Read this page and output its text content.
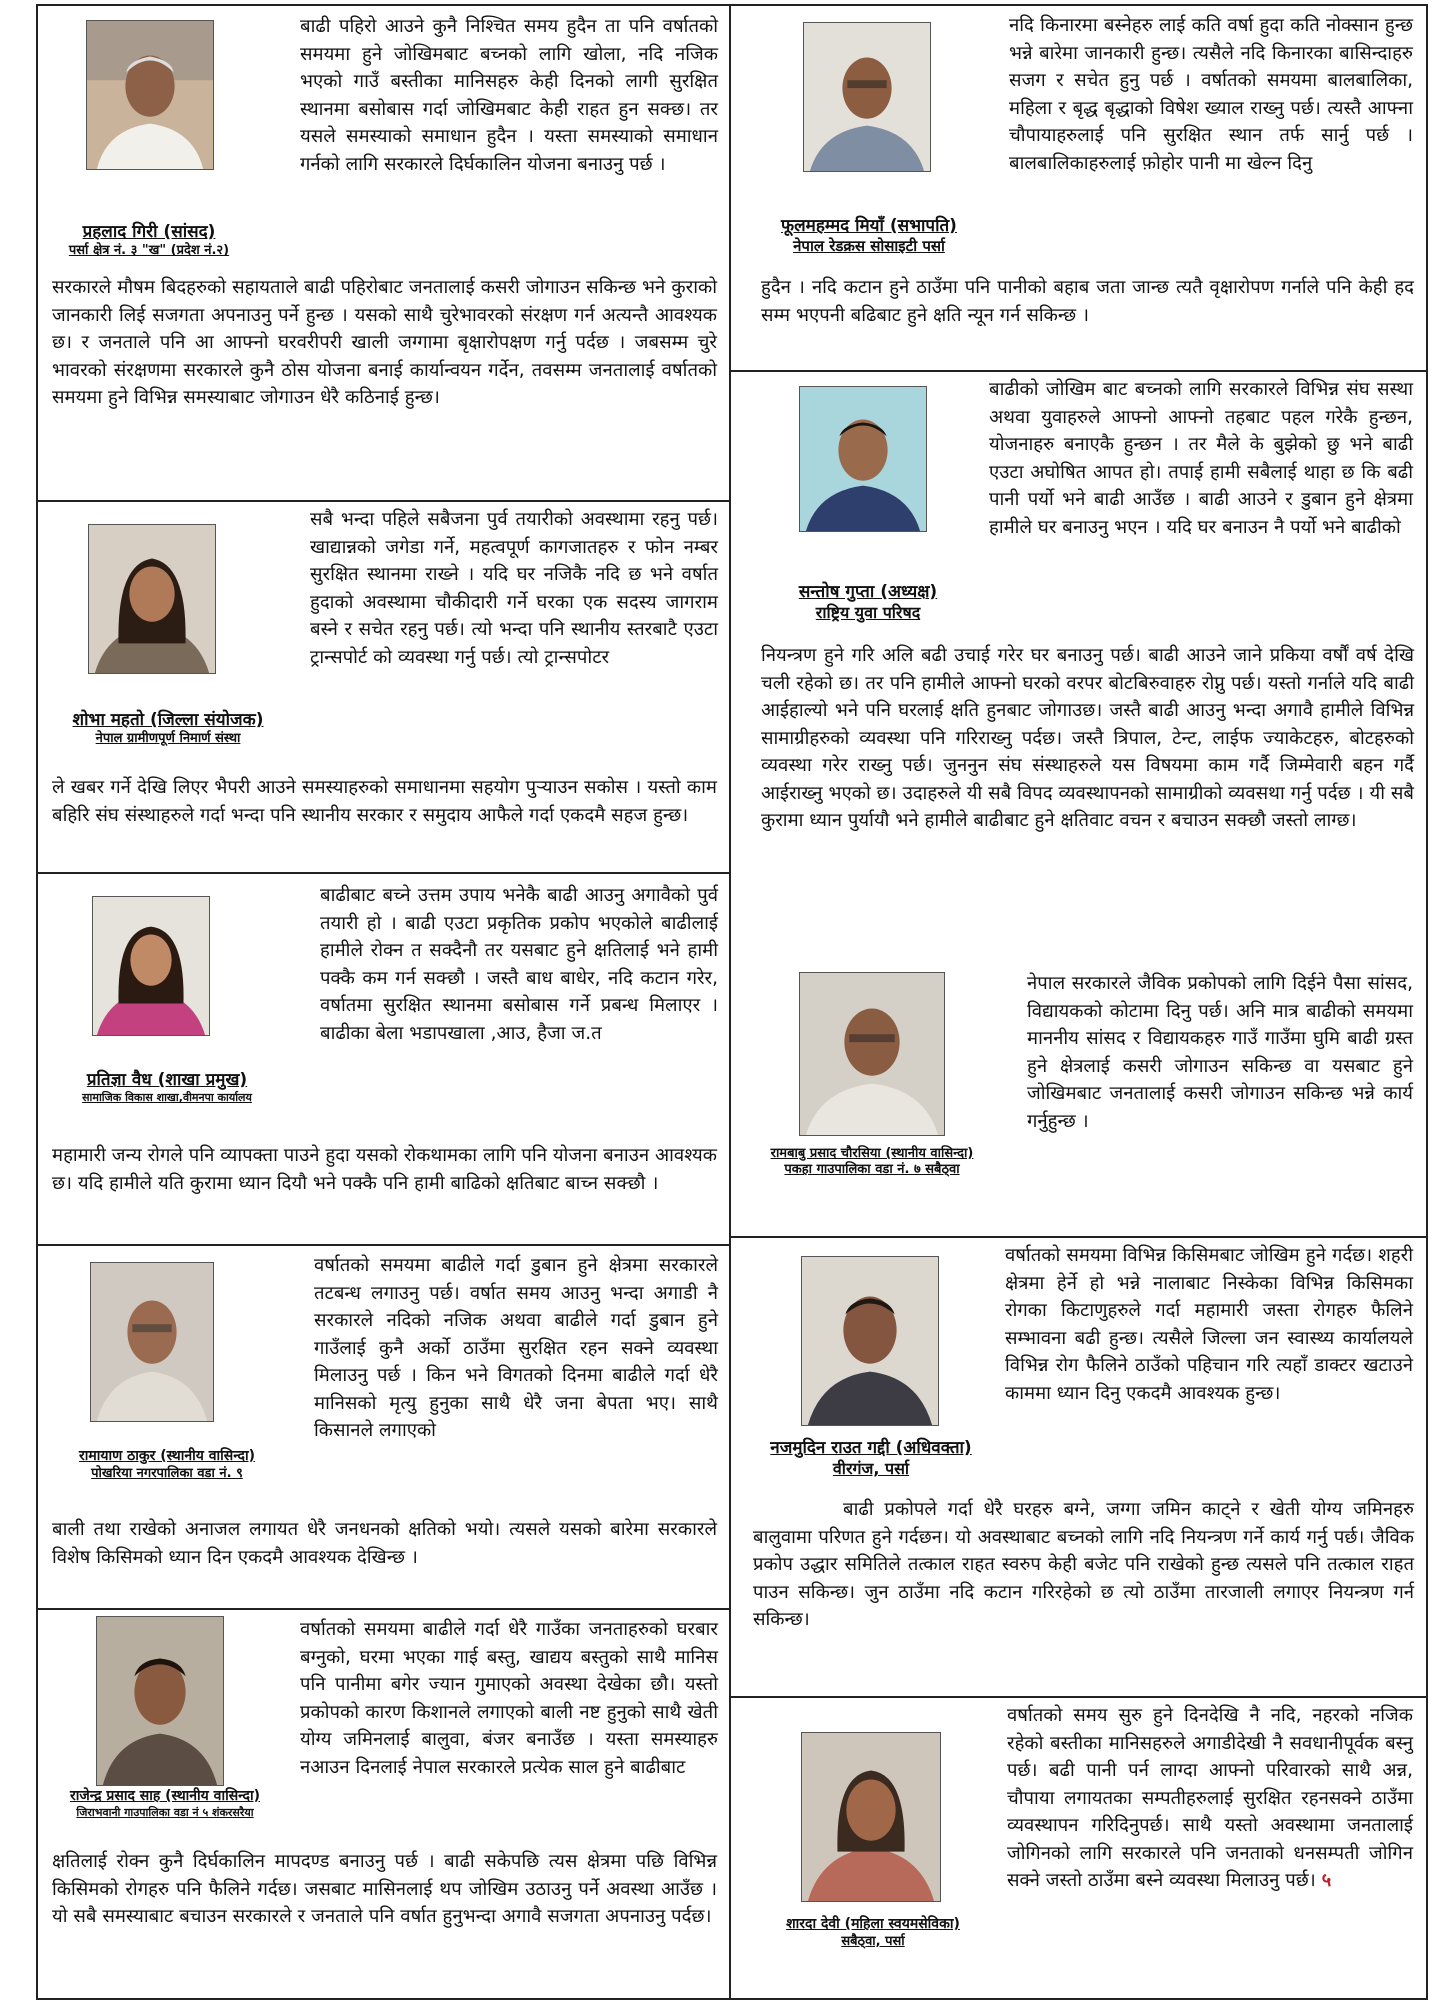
प्रहलाद गिरी (सांसद)
पर्सा क्षेत्र नं. ३ "ख" (प्रदेश नं.२)
बाढी पहिरो आउने कुनै निश्चित समय हुदैन ता पनि वर्षातको समयमा हुने जोखिमबाट बच्नको लागि खोला, नदि नजिक भएको गाउँ बस्तीका मानिसहरु केही दिनको लागी सुरक्षित स्थानमा बसोबास गर्दा जोखिमबाट केही राहत हुन सक्छ। तर यसले समस्याको समाधान हुदैन । यस्ता समस्याको समाधान गर्नको लागि सरकारले दिर्घकालिन योजना बनाउनु पर्छ ।
सरकारले मौषम बिदहरुको सहायताले बाढी पहिरोबाट जनतालाई कसरी जोगाउन सकिन्छ भने कुराको जानकारी लिई सजगता अपनाउनु पर्ने हुन्छ । यसको साथै चुरेभावरको संरक्षण गर्न अत्यन्तै आवश्यक छ। र जनताले पनि आ आफ्नो घरवरीपरी खाली जग्गामा बृक्षारोपक्षण गर्नु पर्दछ । जबसम्म चुरे भावरको संरक्षणमा सरकारले कुनै ठोस योजना बनाई कार्यान्वयन गर्देन, तवसम्म जनतालाई वर्षातको समयमा हुने विभिन्न समस्याबाट जोगाउन धेरै कठिनाई हुन्छ।
शोभा महतो (जिल्ला संयोजक)
नेपाल ग्रामीणपूर्ण निमार्ण संस्था
सबै भन्दा पहिले सबैजना पुर्व तयारीको अवस्थामा रहनु पर्छ। खाद्यान्नको जगेडा गर्ने, महत्वपूर्ण कागजातहरु र फोन नम्बर सुरक्षित स्थानमा राख्ने । यदि घर नजिकै नदि छ भने वर्षात हुदाको अवस्थामा चौकीदारी गर्ने घरका एक सदस्य जागराम बस्ने र सचेत रहनु पर्छ। त्यो भन्दा पनि स्थानीय स्तरबाटै एउटा ट्रान्सपोर्ट को व्यवस्था गर्नु पर्छ। त्यो ट्रान्सपोटर
ले खबर गर्ने देखि लिएर भैपरी आउने समस्याहरुको समाधानमा सहयोग पुऱ्याउन सकोस । यस्तो काम बहिरि संघ संस्थाहरुले गर्दा भन्दा पनि स्थानीय सरकार र समुदाय आफैले गर्दा एकदमै सहज हुन्छ।
प्रतिज्ञा वैध (शाखा प्रमुख)
सामाजिक विकास शाखा,वीमनपा कार्यालय
बाढीबाट बच्ने उत्तम उपाय भनेकै बाढी आउनु अगावैको पुर्व तयारी हो । बाढी एउटा प्रकृतिक प्रकोप भएकोले बाढीलाई हामीले रोक्न त सक्दैनौ तर यसबाट हुने क्षतिलाई भने हामी पक्कै कम गर्न सक्छौ । जस्तै बाध बाधेर, नदि कटान गरेर, वर्षातमा सुरक्षित स्थानमा बसोबास गर्ने प्रबन्ध मिलाएर । बाढीका बेला भडापखाला ,आउ, हैजा ज.त
महामारी जन्य रोगले पनि व्यापक्ता पाउने हुदा यसको रोकथामका लागि पनि योजना बनाउन आवश्यक छ। यदि हामीले यति कुरामा ध्यान दियौ भने पक्कै पनि हामी बाढिको क्षतिबाट बाच्न सक्छौ ।
रामायाण ठाकुर (स्थानीय वासिन्दा)
पोखरिया नगरपालिका वडा नं. ९
वर्षातको समयमा बाढीले गर्दा डुबान हुने क्षेत्रमा सरकारले तटबन्ध लगाउनु पर्छ। वर्षात समय आउनु भन्दा अगाडी नै सरकारले नदिको नजिक अथवा बाढीले गर्दा डुबान हुने गाउँलाई कुनै अर्को ठाउँमा सुरक्षित रहन सक्ने व्यवस्था मिलाउनु पर्छ । किन भने विगतको दिनमा बाढीले गर्दा धेरै मानिसको मृत्यु हुनुका साथै धेरै जना बेपता भए। साथै किसानले लगाएको
बाली तथा राखेको अनाजल लगायत धेरै जनधनको क्षतिको भयो। त्यसले यसको बारेमा सरकारले विशेष किसिमको ध्यान दिन एकदमै आवश्यक देखिन्छ ।
राजेन्द्र प्रसाद साह (स्थानीय वासिन्दा)
जिराभवानी गाउपालिका वडा नं ५ शंकरसरैया
वर्षातको समयमा बाढीले गर्दा धेरै गाउँका जनताहरुको घरबार बग्नुको, घरमा भएका गाई बस्तु, खाद्यय बस्तुको साथै मानिस पनि पानीमा बगेर ज्यान गुमाएको अवस्था देखेका छौ। यस्तो प्रकोपको कारण किशानले लगाएको बाली नष्ट हुनुको साथै खेती योग्य जमिनलाई बालुवा, बंजर बनाउँछ । यस्ता समस्याहरु नआउन दिनलाई नेपाल सरकारले प्रत्येक साल हुने बाढीबाट
क्षतिलाई रोक्न कुनै दिर्घकालिन मापदण्ड बनाउनु पर्छ । बाढी सकेपछि त्यस क्षेत्रमा पछि विभिन्न किसिमको रोगहरु पनि फैलिने गर्दछ। जसबाट मासिनलाई थप जोखिम उठाउनु पर्ने अवस्था आउँछ । यो सबै समस्याबाट बचाउन सरकारले र जनताले पनि वर्षात हुनुभन्दा अगावै सजगता अपनाउनु पर्दछ।
फूलमहम्मद मियाँ (सभापति)
नेपाल रेडक्रस सोसाइटी पर्सा
नदि किनारमा बस्नेहरु लाई कति वर्षा हुदा कति नोक्सान हुन्छ भन्ने बारेमा जानकारी हुन्छ। त्यसैले नदि किनारका बासिन्दाहरु सजग र सचेत हुनु पर्छ । वर्षातको समयमा बालबालिका, महिला र बृद्ध बृद्धाको विषेश ख्याल राख्नु पर्छ। त्यस्तै आफ्ना चौपायाहरुलाई पनि सुरक्षित स्थान तर्फ सार्नु पर्छ । बालबालिकाहरुलाई फ़ोहोर पानी मा खेल्न दिनु
हुदैन । नदि कटान हुने ठाउँमा पनि पानीको बहाब जता जान्छ त्यतै वृक्षारोपण गर्नाले पनि केही हद सम्म भएपनी बढिबाट हुने क्षति न्यून गर्न सकिन्छ ।
सन्तोष गुप्ता (अध्यक्ष)
राष्ट्रिय युवा परिषद
बाढीको जोखिम बाट बच्नको लागि सरकारले विभिन्न संघ सस्था अथवा युवाहरुले आफ्नो आफ्नो तहबाट पहल गरेकै हुन्छन, योजनाहरु बनाएकै हुन्छन । तर मैले के बुझेको छु भने बाढी एउटा अघोषित आपत हो। तपाई हामी सबैलाई थाहा छ कि बढी पानी पर्यो भने बाढी आउँछ । बाढी आउने र डुबान हुने क्षेत्रमा हामीले घर बनाउनु भएन । यदि घर बनाउन नै पर्यो भने बाढीको
नियन्त्रण हुने गरि अलि बढी उचाई गरेर घर बनाउनु पर्छ। बाढी आउने जाने प्रकिया वर्षौं वर्ष देखि चली रहेको छ। तर पनि हामीले आफ्नो घरको वरपर बोटबिरुवाहरु रोप्नु पर्छ। यस्तो गर्नाले यदि बाढी आईहाल्यो भने पनि घरलाई क्षति हुनबाट जोगाउछ। जस्तै बाढी आउनु भन्दा अगावै हामीले विभिन्न सामाग्रीहरुको व्यवस्था पनि गरिराख्नु पर्दछ। जस्तै त्रिपाल, टेन्ट, लाईफ ज्याकेटहरु, बोटहरुको व्यवस्था गरेर राख्नु पर्छ। जुननुन संघ संस्थाहरुले यस विषयमा काम गर्दै जिम्मेवारी बहन गर्दै आईराख्नु भएको छ। उदाहरुले यी सबै विपद व्यवस्थापनको सामाग्रीको व्यवसथा गर्नु पर्दछ । यी सबै कुरामा ध्यान पुर्यायौ भने हामीले बाढीबाट हुने क्षतिवाट वचन र बचाउन सक्छौ जस्तो लाग्छ।
रामबाबु प्रसाद चौरसिया (स्थानीय वासिन्दा)
पकहा गाउपालिका वडा नं. ७ सबैठ्वा
नेपाल सरकारले जैविक प्रकोपको लागि दिईने पैसा सांसद, विद्यायकको कोटामा दिनु पर्छ। अनि मात्र बाढीको समयमा माननीय सांसद र विद्यायकहरु गाउँ गाउँमा घुमि बाढी ग्रस्त हुने क्षेत्रलाई कसरी जोगाउन सकिन्छ वा यसबाट हुने जोखिमबाट जनतालाई कसरी जोगाउन सकिन्छ भन्ने कार्य गर्नुहुन्छ ।
नजमुदिन राउत गद्दी (अधिवक्ता)
वीरगंज, पर्सा
वर्षातको समयमा विभिन्न किसिमबाट जोखिम हुने गर्दछ। शहरी क्षेत्रमा हेर्ने हो भन्ने नालाबाट निस्केका विभिन्न किसिमका रोगका किटाणुहरुले गर्दा महामारी जस्ता रोगहरु फैलिने सम्भावना बढी हुन्छ। त्यसैले जिल्ला जन स्वास्थ्य कार्यालयले विभिन्न रोग फैलिने ठाउँको पहिचान गरि त्यहाँ डाक्टर खटाउने काममा ध्यान दिनु एकदमै आवश्यक हुन्छ।
बाढी प्रकोपले गर्दा धेरै घरहरु बग्ने, जग्गा जमिन काट्ने र खेती योग्य जमिनहरु बालुवामा परिणत हुने गर्दछन। यो अवस्थाबाट बच्नको लागि नदि नियन्त्रण गर्ने कार्य गर्नु पर्छ। जैविक प्रकोप उद्धार समितिले तत्काल राहत स्वरुप केही बजेट पनि राखेको हुन्छ त्यसले पनि तत्काल राहत पाउन सकिन्छ। जुन ठाउँमा नदि कटान गरिरहेको छ त्यो ठाउँमा तारजाली लगाएर नियन्त्रण गर्न सकिन्छ।
शारदा देवी (महिला स्वयमसेविका)
सबैठ्वा, पर्सा
वर्षातको समय सुरु हुने दिनदेखि नै नदि, नहरको नजिक रहेको बस्तीका मानिसहरुले अगाडीदेखी नै सवधानीपूर्वक बस्नु पर्छ। बढी पानी पर्न लाग्दा आफ्नो परिवारको साथै अन्न, चौपाया लगायतका सम्पतीहरुलाई सुरक्षित रहनसक्ने ठाउँमा व्यवस्थापन गरिदिनुपर्छ। साथै यस्तो अवस्थामा जनतालाई जोगिनको लागि सरकारले पनि जनताको धनसम्पती जोगिन सक्ने जस्तो ठाउँमा बस्ने व्यवस्था मिलाउनु पर्छ। ५
